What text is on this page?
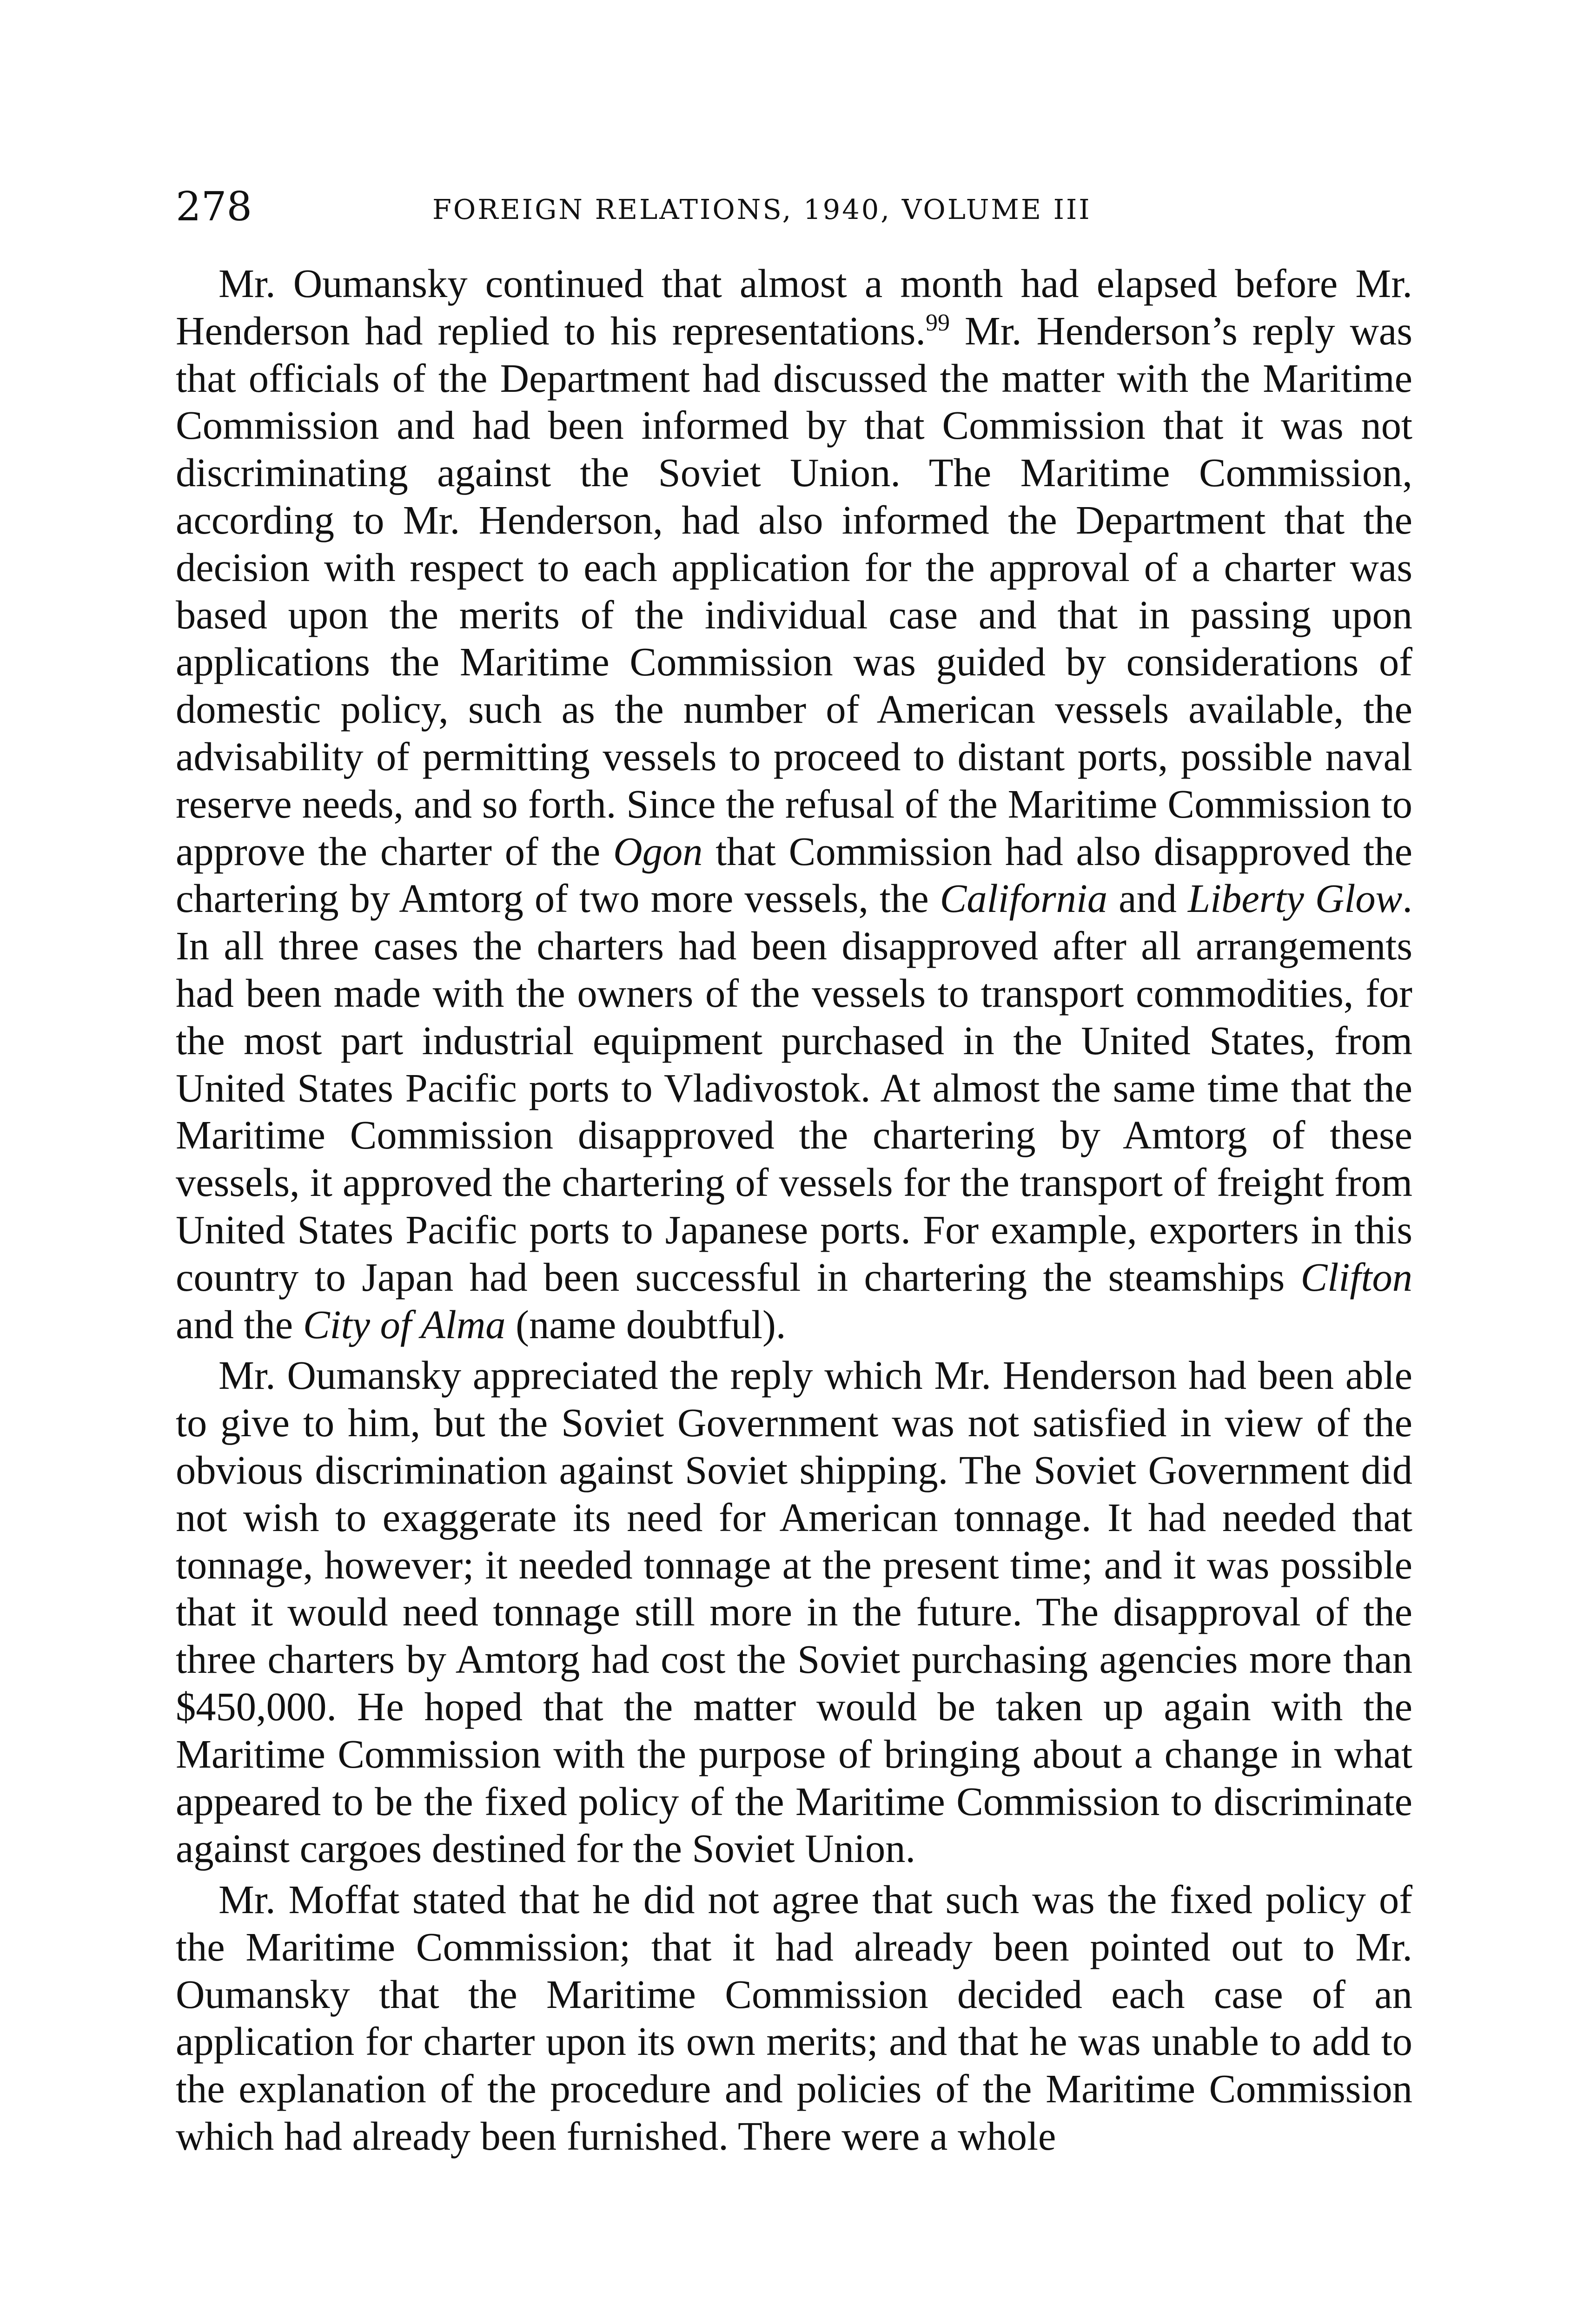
278	FOREIGN RELATIONS, 1940, VOLUME III

Mr. Oumansky continued that almost a month had elapsed before Mr. Henderson had replied to his representations.$^{99}$ Mr. Henderson’s reply was that officials of the Department had discussed the matter with the Maritime Commission and had been informed by that Commission that it was not discriminating against the Soviet Union. The Maritime Commission, according to Mr. Henderson, had also informed the Department that the decision with respect to each application for the approval of a charter was based upon the merits of the individual case and that in passing upon applications the Maritime Commission was guided by considerations of domestic policy, such as the number of American vessels available, the advisability of permitting vessels to proceed to distant ports, possible naval reserve needs, and so forth. Since the refusal of the Maritime Commission to approve the charter of the Ogon that Commission had also disapproved the chartering by Amtorg of two more vessels, the California and Liberty Glow. In all three cases the charters had been disapproved after all arrangements had been made with the owners of the vessels to transport commodities, for the most part industrial equipment purchased in the United States, from United States Pacific ports to Vladivostok. At almost the same time that the Maritime Commission disapproved the chartering by Amtorg of these vessels, it approved the chartering of vessels for the transport of freight from United States Pacific ports to Japanese ports. For example, exporters in this country to Japan had been successful in chartering the steamships Clifton and the City of Alma (name doubtful).

Mr. Oumansky appreciated the reply which Mr. Henderson had been able to give to him, but the Soviet Government was not satisfied in view of the obvious discrimination against Soviet shipping. The Soviet Government did not wish to exaggerate its need for American tonnage. It had needed that tonnage, however; it needed tonnage at the present time; and it was possible that it would need tonnage still more in the future. The disapproval of the three charters by Amtorg had cost the Soviet purchasing agencies more than $450,000. He hoped that the matter would be taken up again with the Maritime Commission with the purpose of bringing about a change in what appeared to be the fixed policy of the Maritime Commission to discriminate against cargoes destined for the Soviet Union.

Mr. Moffat stated that he did not agree that such was the fixed policy of the Maritime Commission; that it had already been pointed out to Mr. Oumansky that the Maritime Commission decided each case of an application for charter upon its own merits; and that he was unable to add to the explanation of the procedure and policies of the Maritime Commission which had already been furnished. There were a whole
